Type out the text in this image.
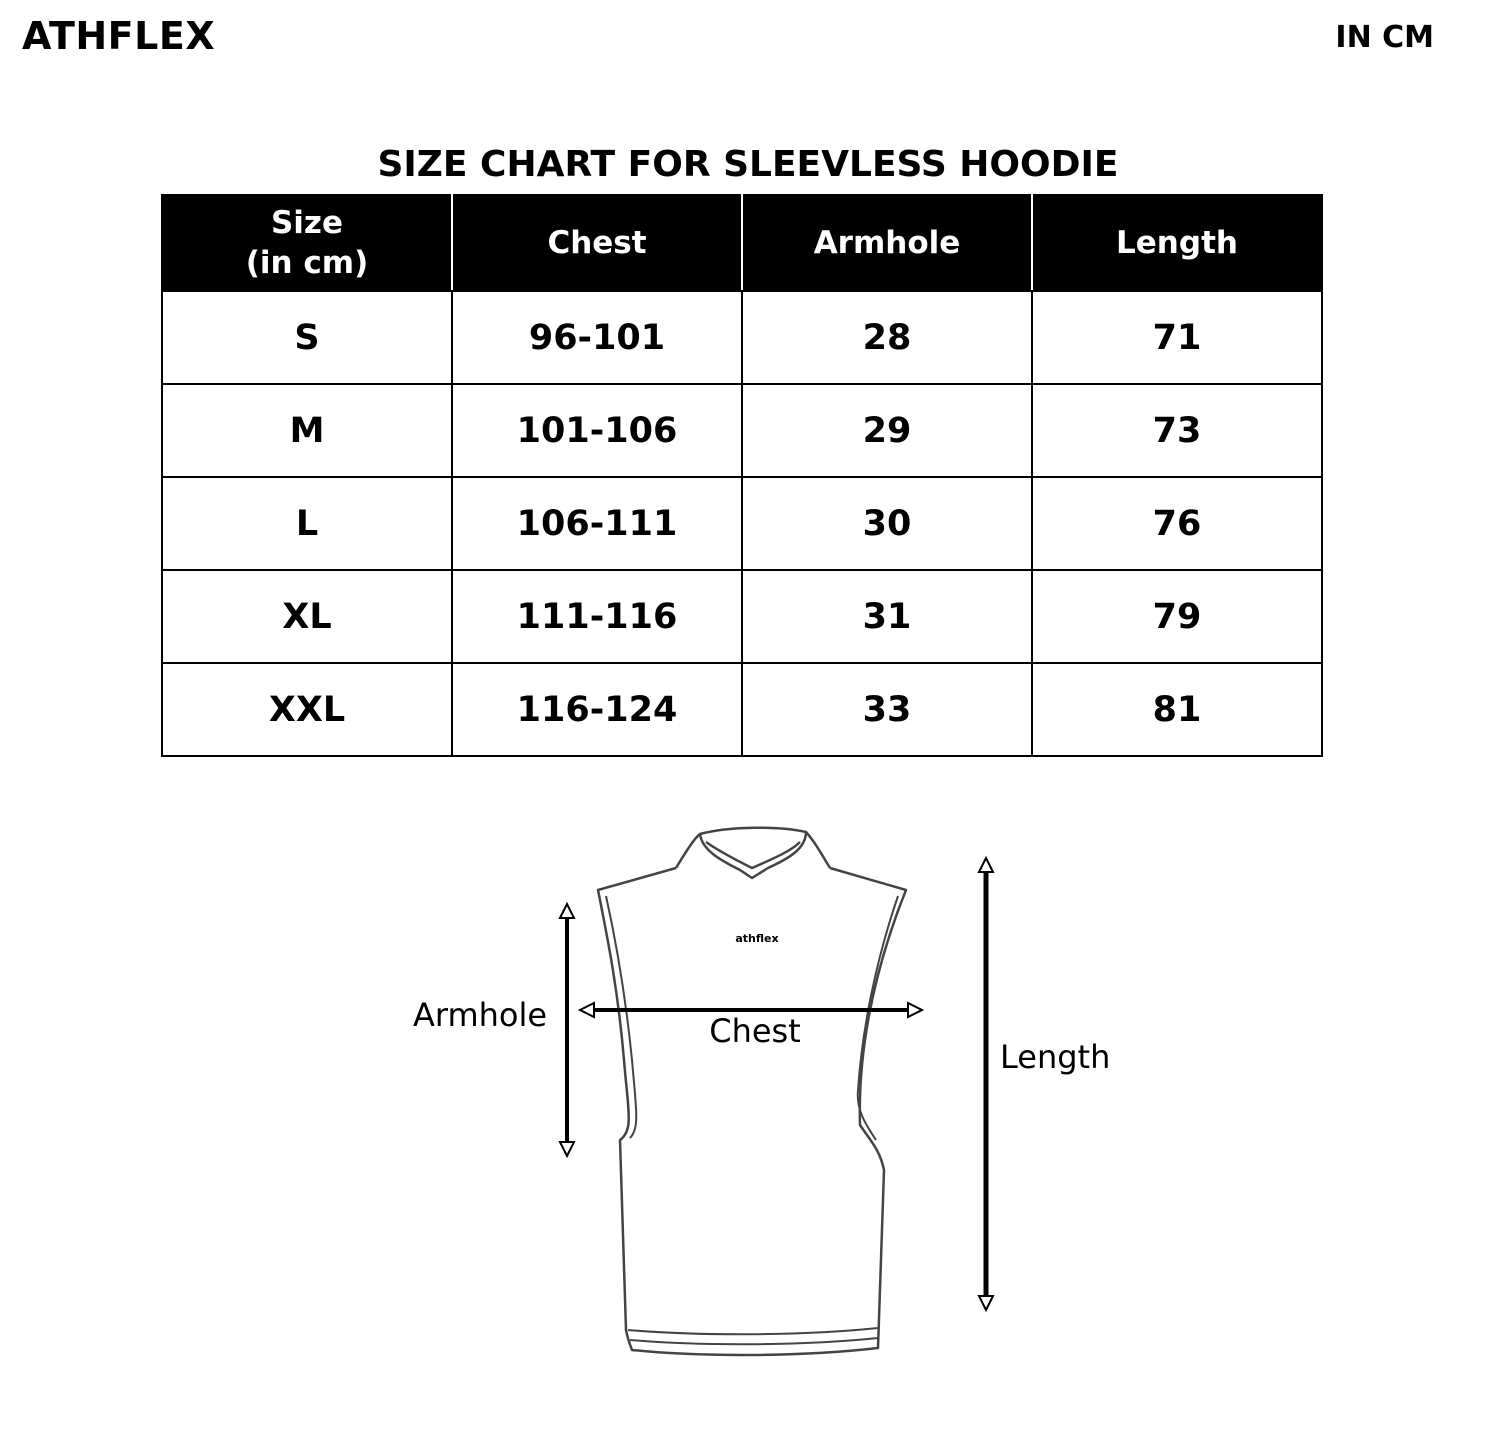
ATHFLEX	IN CM
SIZE CHART FOR SLEEVLESS HOODIE
Size
(in cm)	Chest	Armhole	Length
S	96-101	28	71
M	101-106	29	73
L	106-111	30	76
XL	111-116	31	79
XXL	116-124	33	81
athflex
Armhole	Chest
Length
